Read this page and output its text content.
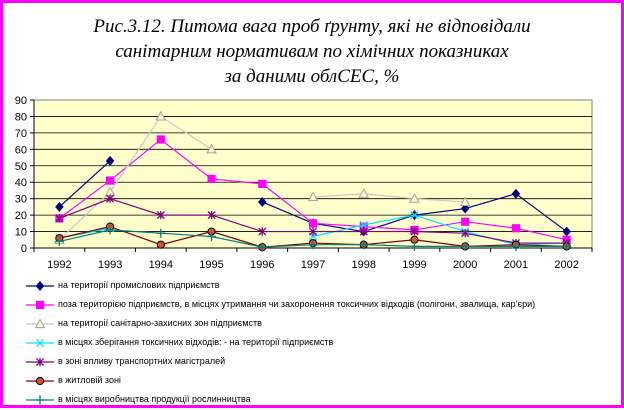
Рис.3.12. Питома вага проб ґрунту, які не відповідали
санітарним нормативам по хімічних показниках
за даними облСЕС, %
0
10
20
30
40
50
60
70
80
90
1992 1993 1994 1995 1996 1997 1998 1999 2000 2001 2002
на території промислових підприємств
поза територією підприємств, в місцях утримання чи захоронення токсичних відходів (полігони, звалища, кар’єри)
на території санітарно-захисних зон підприємств
в місцях зберігання токсичних відходів: - на території підприємств
в зоні впливу транспортних магістралей
в житловій зоні
в місцях виробництва продукції рослинництва
